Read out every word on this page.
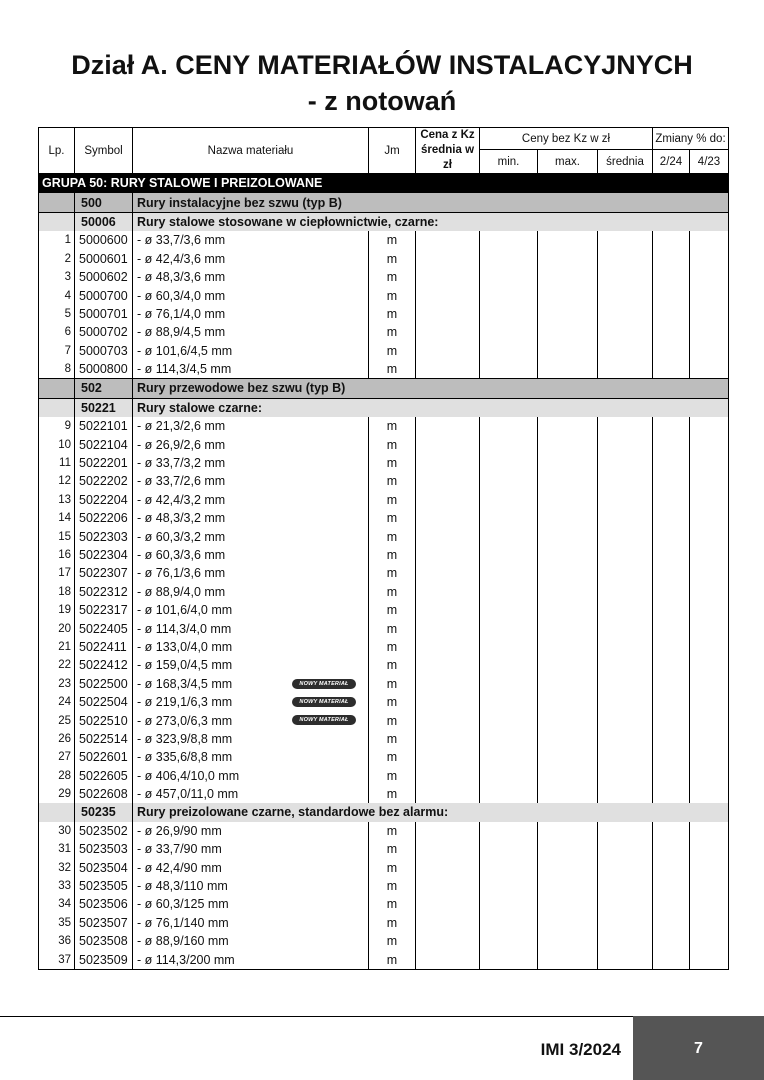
Dział A. CENY MATERIAŁÓW INSTALACYJNYCH
- z notowań
Lp.	Symbol	Nazwa materiału	Jm	Cena z Kz średnia w zł	Ceny bez Kz w zł			Zmiany % do:	
					min.	max.	średnia	2/24	4/23
GRUPA 50: RURY STALOWE I PREIZOLOWANE									
	500	Rury instalacyjne bez szwu (typ B)							
	50006	Rury stalowe stosowane w ciepłownictwie, czarne:							
1	5000600	- ø 33,7/3,6 mm	m						
2	5000601	- ø 42,4/3,6 mm	m						
3	5000602	- ø 48,3/3,6 mm	m						
4	5000700	- ø 60,3/4,0 mm	m						
5	5000701	- ø 76,1/4,0 mm	m						
6	5000702	- ø 88,9/4,5 mm	m						
7	5000703	- ø 101,6/4,5 mm	m						
8	5000800	- ø 114,3/4,5 mm	m						
	502	Rury przewodowe bez szwu (typ B)							
	50221	Rury stalowe czarne:							
9	5022101	- ø 21,3/2,6 mm	m						
10	5022104	- ø 26,9/2,6 mm	m						
11	5022201	- ø 33,7/3,2 mm	m						
12	5022202	- ø 33,7/2,6 mm	m						
13	5022204	- ø 42,4/3,2 mm	m						
14	5022206	- ø 48,3/3,2 mm	m						
15	5022303	- ø 60,3/3,2 mm	m						
16	5022304	- ø 60,3/3,6 mm	m						
17	5022307	- ø 76,1/3,6 mm	m						
18	5022312	- ø 88,9/4,0 mm	m						
19	5022317	- ø 101,6/4,0 mm	m						
20	5022405	- ø 114,3/4,0 mm	m						
21	5022411	- ø 133,0/4,0 mm	m						
22	5022412	- ø 159,0/4,5 mm	m						
23	5022500	- ø 168,3/4,5 mm NOWY MATERIAŁ	m						
24	5022504	- ø 219,1/6,3 mm NOWY MATERIAŁ	m						
25	5022510	- ø 273,0/6,3 mm NOWY MATERIAŁ	m						
26	5022514	- ø 323,9/8,8 mm	m						
27	5022601	- ø 335,6/8,8 mm	m						
28	5022605	- ø 406,4/10,0 mm	m						
29	5022608	- ø 457,0/11,0 mm	m						
	50235	Rury preizolowane czarne, standardowe bez alarmu:							
30	5023502	- ø 26,9/90 mm	m						
31	5023503	- ø 33,7/90 mm	m						
32	5023504	- ø 42,4/90 mm	m						
33	5023505	- ø 48,3/110 mm	m						
34	5023506	- ø 60,3/125 mm	m						
35	5023507	- ø 76,1/140 mm	m						
36	5023508	- ø 88,9/160 mm	m						
37	5023509	- ø 114,3/200 mm	m						
IMI 3/2024	7
